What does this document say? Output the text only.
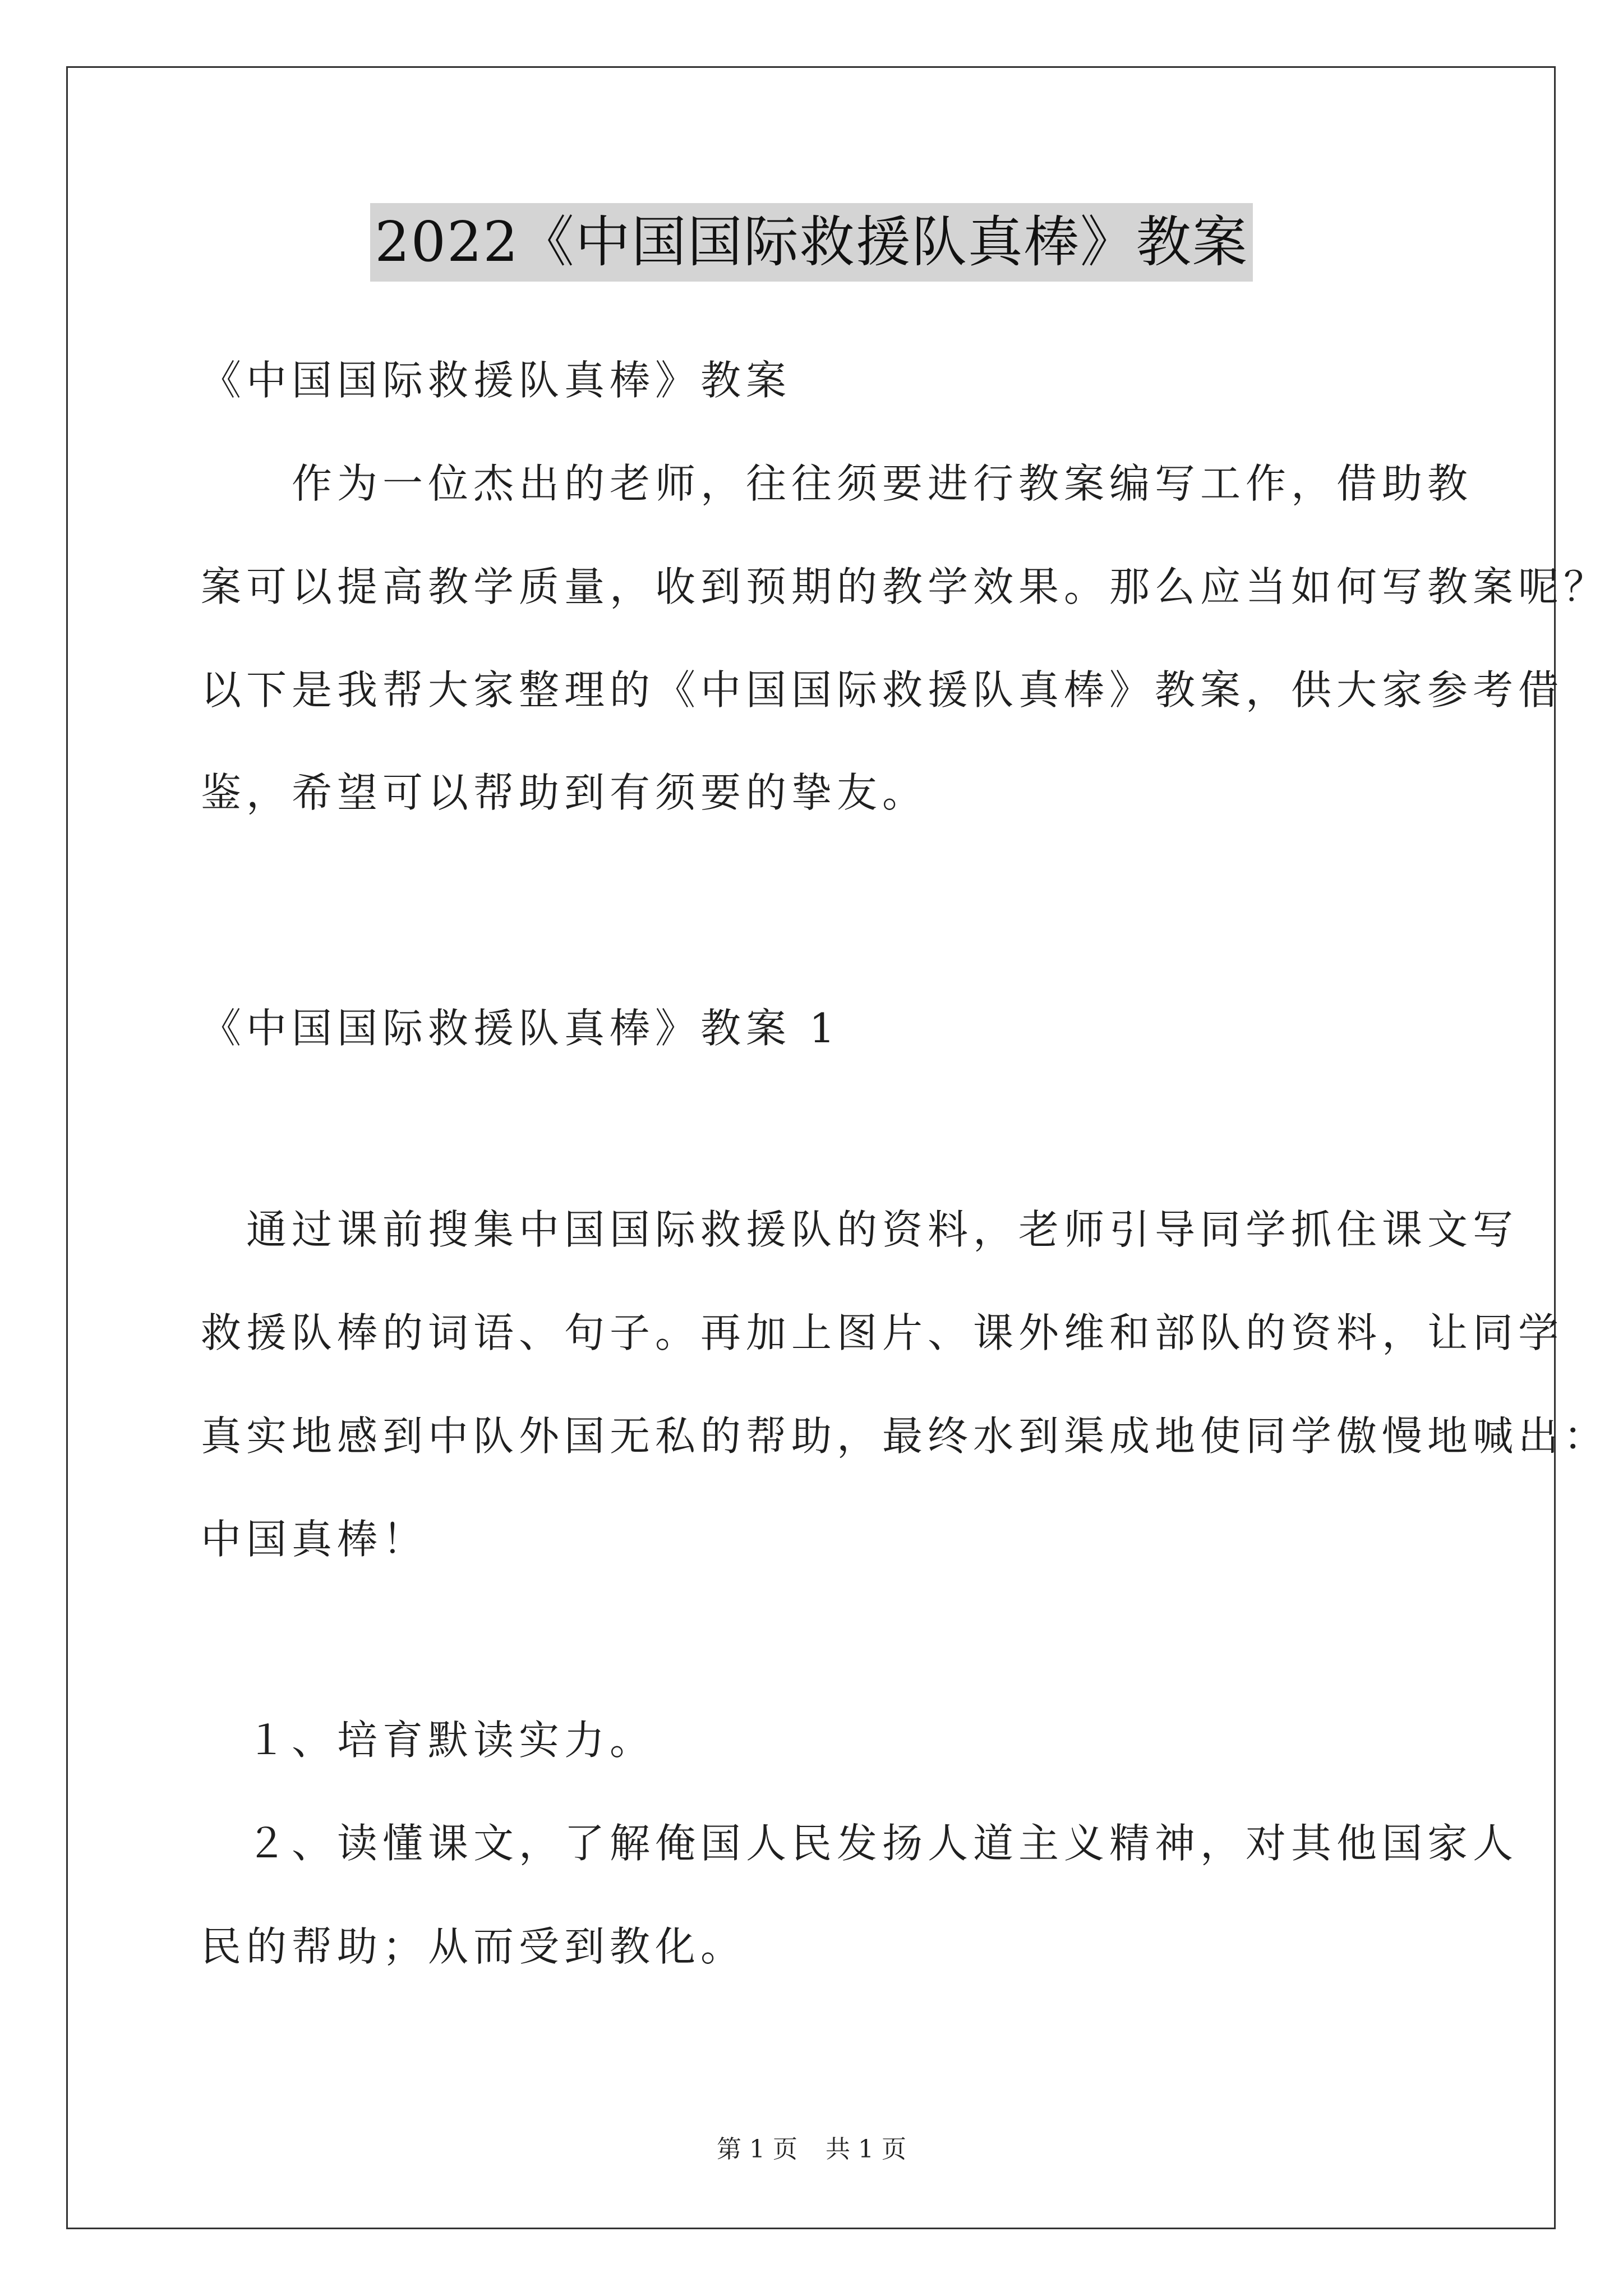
2022《中国国际救援队真棒》教案
《中国国际救援队真棒》教案
　　作为一位杰出的老师，往往须要进行教案编写工作，借助教
案可以提高教学质量，收到预期的教学效果。那么应当如何写教案呢？
以下是我帮大家整理的《中国国际救援队真棒》教案，供大家参考借
鉴，希望可以帮助到有须要的挚友。
《中国国际救援队真棒》教案 1
　通过课前搜集中国国际救援队的资料，老师引导同学抓住课文写
救援队棒的词语、句子。再加上图片、课外维和部队的资料，让同学
真实地感到中队外国无私的帮助，最终水到渠成地使同学傲慢地喊出：
中国真棒！
　１、培育默读实力。
　２、读懂课文，了解俺国人民发扬人道主义精神，对其他国家人
民的帮助；从而受到教化。
第 1 页 共 1 页
